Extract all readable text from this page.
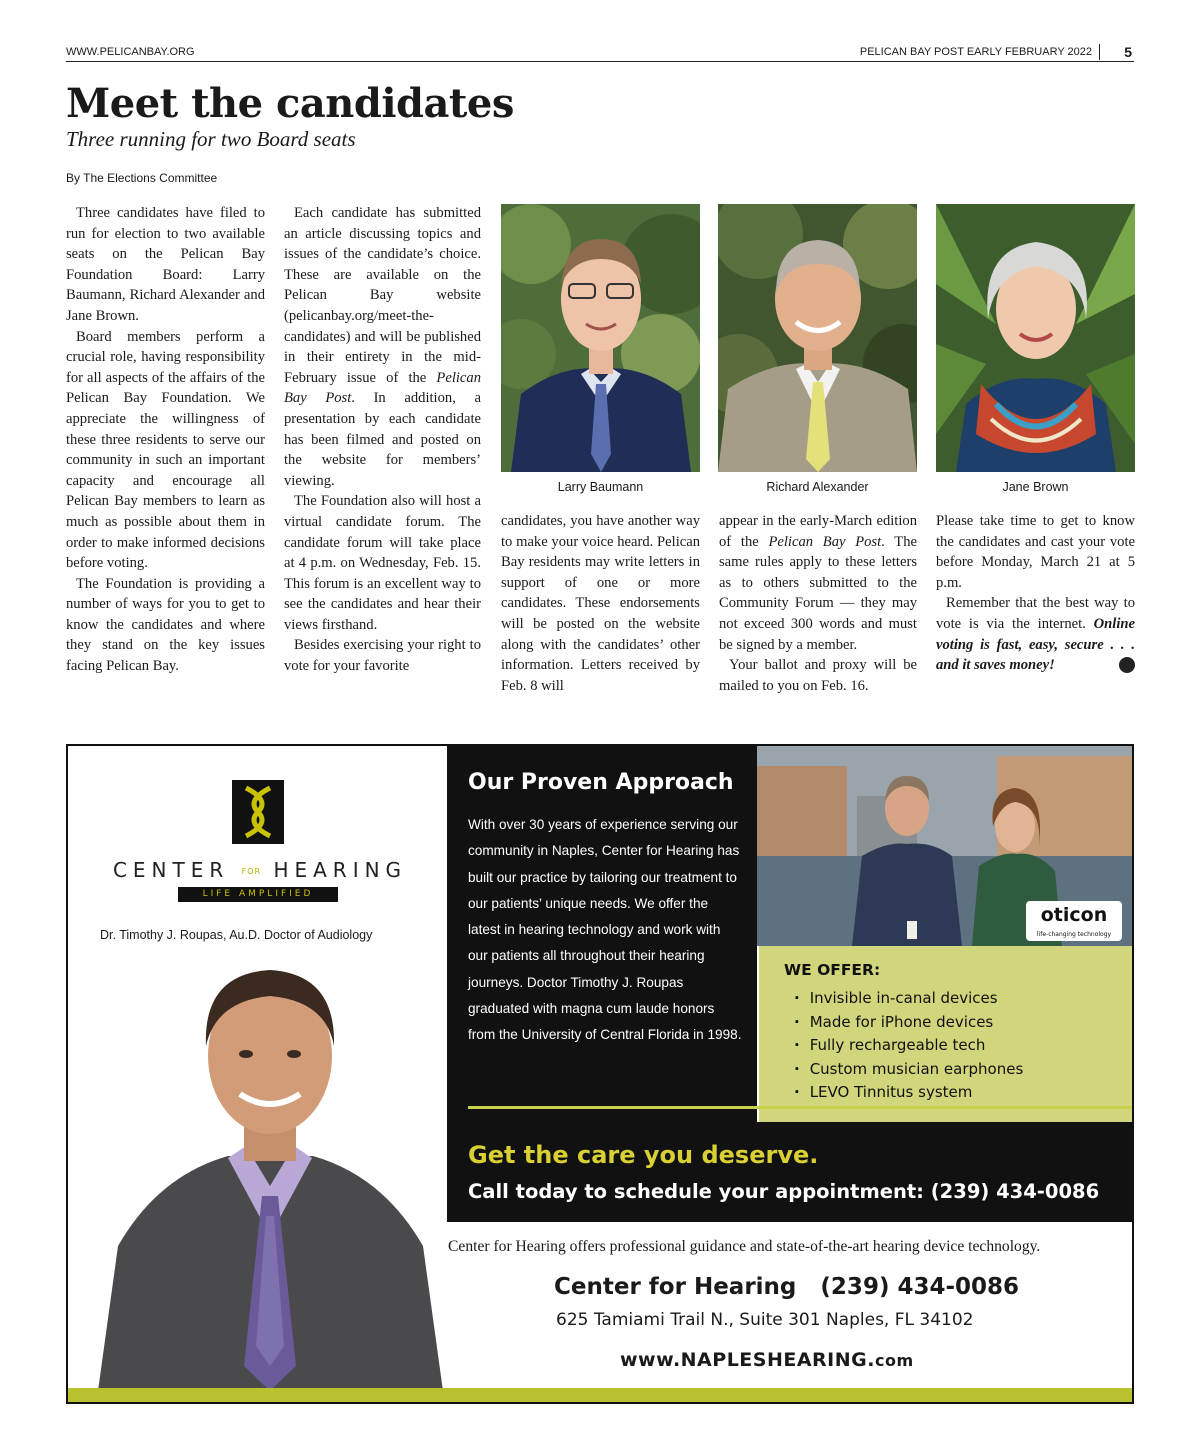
WWW.PELICANBAY.ORG	PELICAN BAY POST EARLY FEBRUARY 2022 5
Meet the candidates
Three running for two Board seats
By The Elections Committee

Three candidates have filed to run for election to two available seats on the Pelican Bay Foundation Board: Larry Baumann, Richard Alexander and Jane Brown.

Board members perform a crucial role, having responsibility for all aspects of the affairs of the Pelican Bay Foundation. We appreciate the willingness of these three residents to serve our community in such an important capacity and encourage all Pelican Bay members to learn as much as possible about them in order to make informed decisions before voting.

The Foundation is providing a number of ways for you to get to know the candidates and where they stand on the key issues facing Pelican Bay.

Each candidate has submitted an article discussing topics and issues of the candidate’s choice. These are available on the Pelican Bay website (pelicanbay.org/meet-the-candidates) and will be published in their entirety in the mid-February issue of the Pelican Bay Post. In addition, a presentation by each candidate has been filmed and posted on the website for members’ viewing.

The Foundation also will host a virtual candidate forum. The candidate forum will take place at 4 p.m. on Wednesday, Feb. 15. This forum is an excellent way to see the candidates and hear their views firsthand.

Besides exercising your right to vote for your favorite

Larry Baumann	Richard Alexander	Jane Brown

candidates, you have another way to make your voice heard. Pelican Bay residents may write letters in support of one or more candidates. These endorsements will be posted on the website along with the candidates’ other information. Letters received by Feb. 8 will

appear in the early-March edition of the Pelican Bay Post. The same rules apply to these letters as to others submitted to the Community Forum — they may not exceed 300 words and must be signed by a member.

Your ballot and proxy will be mailed to you on Feb. 16.

Please take time to get to know the candidates and cast your vote before Monday, March 21 at 5 p.m.

Remember that the best way to vote is via the internet. Online voting is fast, easy, secure . . . and it saves money!

CENTER FOR HEARING
LIFE AMPLIFIED
Dr. Timothy J. Roupas, Au.D. Doctor of Audiology
Our Proven Approach
With over 30 years of experience serving our community in Naples, Center for Hearing has built our practice by tailoring our treatment to our patients’ unique needs. We offer the latest in hearing technology and work with our patients all throughout their hearing journeys. Doctor Timothy J. Roupas graduated with magna cum laude honors from the University of Central Florida in 1998.
oticon
life-changing technology
WE OFFER:
· Invisible in-canal devices
· Made for iPhone devices
· Fully rechargeable tech
· Custom musician earphones
· LEVO Tinnitus system
Get the care you deserve.
Call today to schedule your appointment: (239) 434-0086
Center for Hearing offers professional guidance and state-of-the-art hearing device technology.
Center for Hearing (239) 434-0086
625 Tamiami Trail N., Suite 301 Naples, FL 34102
www.NAPLESHEARING.com
